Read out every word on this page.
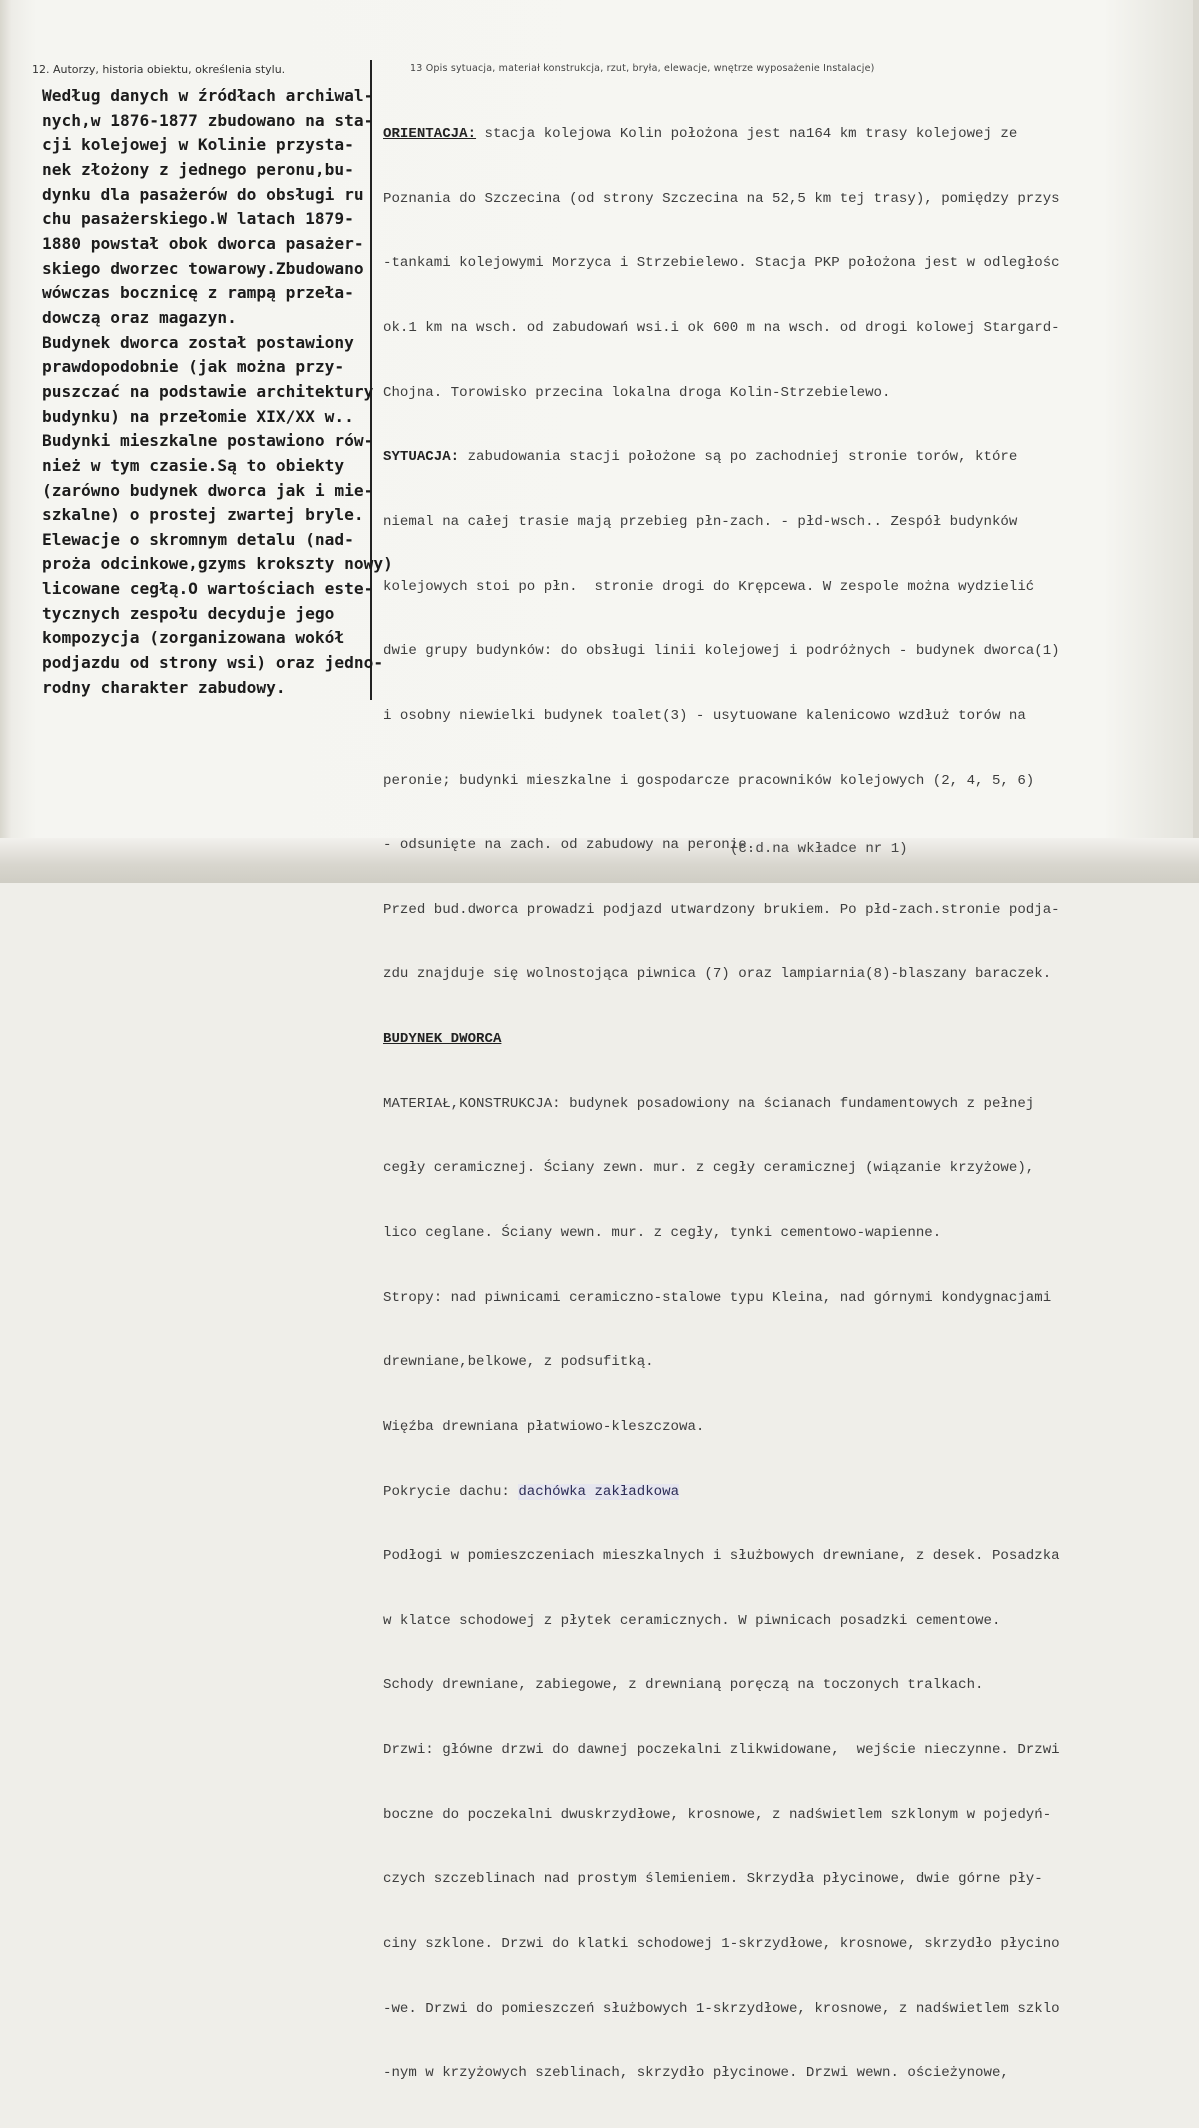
12. Autorzy, historia obiektu, określenia stylu.	13 Opis sytuacja, materiał konstrukcja, rzut, bryła, elewacje, wnętrze wyposażenie Instalacje)
Według danych w źródłach archiwal-
nych,w 1876-1877 zbudowano na sta-
cji kolejowej w Kolinie przysta-
nek złożony z jednego peronu,bu-
dynku dla pasażerów do obsługi ru
chu pasażerskiego.W latach 1879-
1880 powstał obok dworca pasażer-
skiego dworzec towarowy.Zbudowano
wówczas bocznicę z rampą przeła-
dowczą oraz magazyn.
Budynek dworca został postawiony
prawdopodobnie (jak można przy-
puszczać na podstawie architektury
budynku) na przełomie XIX/XX w..
Budynki mieszkalne postawiono rów-
nież w tym czasie.Są to obiekty
(zarówno budynek dworca jak i mie-
szkalne) o prostej zwartej bryle.
Elewacje o skromnym detalu (nad-
proża odcinkowe,gzyms krokszty nowy)
licowane cegłą.O wartościach este-
tycznych zespołu decyduje jego
kompozycja (zorganizowana wokół
podjazdu od strony wsi) oraz jedno-
rodny charakter zabudowy.

ORIENTACJA: stacja kolejowa Kolin położona jest na164 km trasy kolejowej ze

Poznania do Szczecina (od strony Szczecina na 52,5 km tej trasy), pomiędzy przys

-tankami kolejowymi Morzyca i Strzebielewo. Stacja PKP położona jest w odległośc

ok.1 km na wsch. od zabudowań wsi.i ok 600 m na wsch. od drogi kolowej Stargard-

Chojna. Torowisko przecina lokalna droga Kolin-Strzebielewo.

SYTUACJA: zabudowania stacji położone są po zachodniej stronie torów, które

niemal na całej trasie mają przebieg płn-zach. - płd-wsch.. Zespół budynków

kolejowych stoi po płn.  stronie drogi do Krępcewa. W zespole można wydzielić

dwie grupy budynków: do obsługi linii kolejowej i podróżnych - budynek dworca(1)

i osobny niewielki budynek toalet(3) - usytuowane kalenicowo wzdłuż torów na

peronie; budynki mieszkalne i gospodarcze pracowników kolejowych (2, 4, 5, 6)

- odsunięte na zach. od zabudowy na peronie.

Przed bud.dworca prowadzi podjazd utwardzony brukiem. Po płd-zach.stronie podja-

zdu znajduje się wolnostojąca piwnica (7) oraz lampiarnia(8)-blaszany baraczek.

BUDYNEK DWORCA

MATERIAŁ,KONSTRUKCJA: budynek posadowiony na ścianach fundamentowych z pełnej

cegły ceramicznej. Ściany zewn. mur. z cegły ceramicznej (wiązanie krzyżowe),

lico ceglane. Ściany wewn. mur. z cegły, tynki cementowo-wapienne.

Stropy: nad piwnicami ceramiczno-stalowe typu Kleina, nad górnymi kondygnacjami

drewniane,belkowe, z podsufitką.

Więźba drewniana płatwiowo-kleszczowa.

Pokrycie dachu: dachówka zakładkowa

Podłogi w pomieszczeniach mieszkalnych i służbowych drewniane, z desek. Posadzka

w klatce schodowej z płytek ceramicznych. W piwnicach posadzki cementowe.

Schody drewniane, zabiegowe, z drewnianą poręczą na toczonych tralkach.

Drzwi: główne drzwi do dawnej poczekalni zlikwidowane,  wejście nieczynne. Drzwi

boczne do poczekalni dwuskrzydłowe, krosnowe, z nadświetlem szklonym w pojedyń-

czych szczeblinach nad prostym ślemieniem. Skrzydła płycinowe, dwie górne pły-

ciny szklone. Drzwi do klatki schodowej 1-skrzydłowe, krosnowe, skrzydło płycino

-we. Drzwi do pomieszczeń służbowych 1-skrzydłowe, krosnowe, z nadświetlem szklo

-nym w krzyżowych szeblinach, skrzydło płycinowe. Drzwi wewn. ościeżynowe,

(c.d.na wkładce nr 1)
